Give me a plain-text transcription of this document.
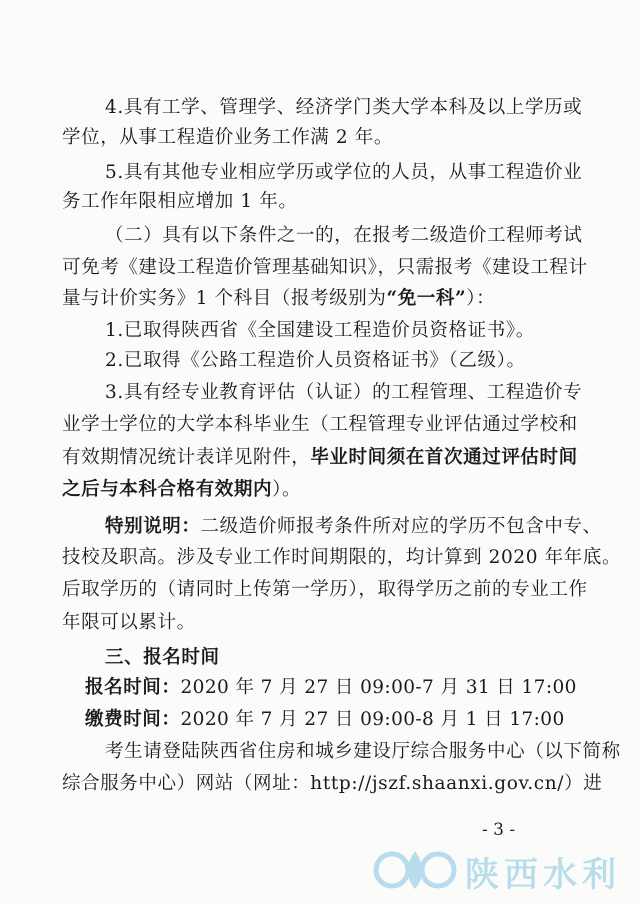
4.具有工学、管理学、经济学门类大学本科及以上学历或
学位，从事工程造价业务工作满 2 年。
5.具有其他专业相应学历或学位的人员，从事工程造价业
务工作年限相应增加 1 年。
（二）具有以下条件之一的，在报考二级造价工程师考试
可免考《建设工程造价管理基础知识》，只需报考《建设工程计
量与计价实务》1 个科目（报考级别为“免一科”）：
1.已取得陕西省《全国建设工程造价员资格证书》。
2.已取得《公路工程造价人员资格证书》（乙级）。
3.具有经专业教育评估（认证）的工程管理、工程造价专
业学士学位的大学本科毕业生（工程管理专业评估通过学校和
有效期情况统计表详见附件，毕业时间须在首次通过评估时间
之后与本科合格有效期内）。
特别说明：二级造价师报考条件所对应的学历不包含中专、
技校及职高。涉及专业工作时间期限的，均计算到 2020 年年底。
后取学历的（请同时上传第一学历），取得学历之前的专业工作
年限可以累计。
三、报名时间
报名时间：2020 年 7 月 27 日 09:00-7 月 31 日 17:00
缴费时间：2020 年 7 月 27 日 09:00-8 月 1 日 17:00
考生请登陆陕西省住房和城乡建设厅综合服务中心（以下简称
综合服务中心）网站（网址：http://jszf.shaanxi.gov.cn/）进
- 3 -
陕西水利
